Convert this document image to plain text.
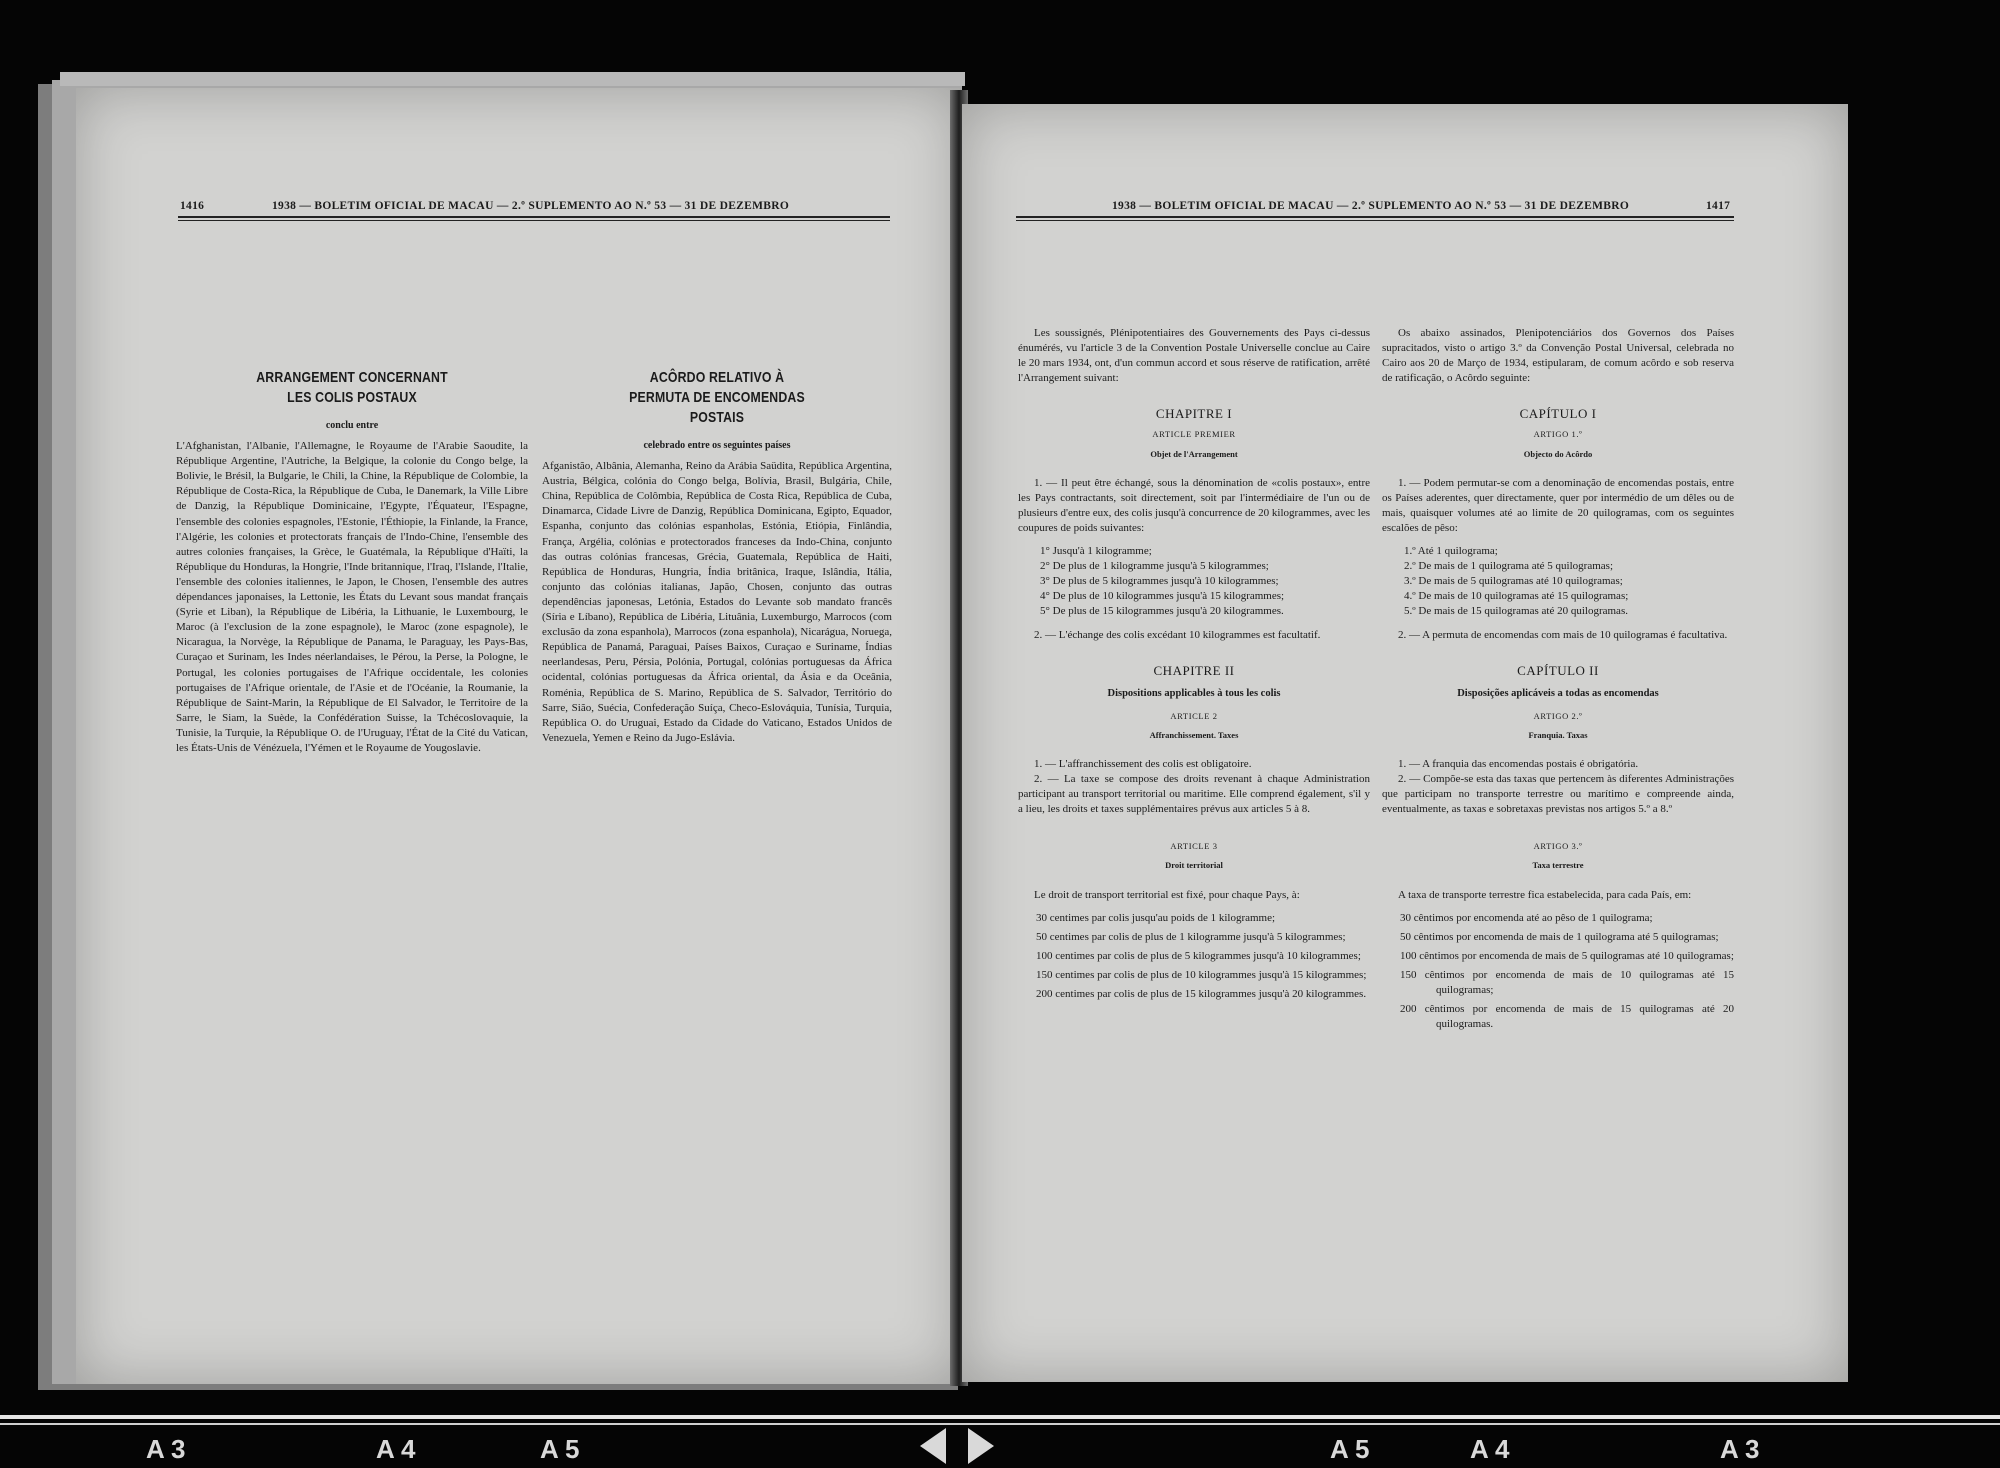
1416	1938 — BOLETIM OFICIAL DE MACAU — 2.º SUPLEMENTO AO N.º 53 — 31 DE DEZEMBRO
ARRANGEMENT CONCERNANT LES COLIS POSTAUX
conclu entre
L'Afghanistan, l'Albanie, l'Allemagne, le Royaume de l'Arabie Saoudite, la République Argentine, l'Autriche, la Belgique, la colonie du Congo belge, la Bolivie, le Brésil, la Bulgarie, le Chili, la Chine, la République de Colombie, la République de Costa-Rica, la République de Cuba, le Danemark, la Ville Libre de Danzig, la République Dominicaine, l'Egypte, l'Équateur, l'Espagne, l'ensemble des colonies espagnoles, l'Estonie, l'Éthiopie, la Finlande, la France, l'Algérie, les colonies et protectorats français de l'Indo-Chine, l'ensemble des autres colonies françaises, la Grèce, le Guatémala, la République d'Haïti, la République du Honduras, la Hongrie, l'Inde britannique, l'Iraq, l'Islande, l'Italie, l'ensemble des colonies italiennes, le Japon, le Chosen, l'ensemble des autres dépendances japonaises, la Lettonie, les États du Levant sous mandat français (Syrie et Liban), la République de Libéria, la Lithuanie, le Luxembourg, le Maroc (à l'exclusion de la zone espagnole), le Maroc (zone espagnole), le Nicaragua, la Norvège, la République de Panama, le Paraguay, les Pays-Bas, Curaçao et Surinam, les Indes néerlandaises, le Pérou, la Perse, la Pologne, le Portugal, les colonies portugaises de l'Afrique occidentale, les colonies portugaises de l'Afrique orientale, de l'Asie et de l'Océanie, la Roumanie, la République de Saint-Marin, la République de El Salvador, le Territoire de la Sarre, le Siam, la Suède, la Confédération Suisse, la Tchécoslovaquie, la Tunisie, la Turquie, la République O. de l'Uruguay, l'État de la Cité du Vatican, les États-Unis de Vénézuela, l'Yémen et le Royaume de Yougoslavie.
ACÔRDO RELATIVO À PERMUTA DE ENCOMENDAS POSTAIS
celebrado entre os seguintes países
Afganistão, Albânia, Alemanha, Reino da Arábia Saüdita, República Argentina, Austria, Bélgica, colónia do Congo belga, Bolívia, Brasil, Bulgária, Chile, China, República de Colômbia, República de Costa Rica, República de Cuba, Dinamarca, Cidade Livre de Danzig, República Dominicana, Egipto, Equador, Espanha, conjunto das colónias espanholas, Estónia, Etiópia, Finlândia, França, Argélia, colónias e protectorados franceses da Indo-China, conjunto das outras colónias francesas, Grécia, Guatemala, República de Haiti, República de Honduras, Hungria, Índia britânica, Iraque, Islândia, Itália, conjunto das colónias italianas, Japão, Chosen, conjunto das outras dependências japonesas, Letónia, Estados do Levante sob mandato francês (Síria e Líbano), República de Libéria, Lituânia, Luxemburgo, Marrocos (com exclusão da zona espanhola), Marrocos (zona espanhola), Nicarágua, Noruega, República de Panamá, Paraguai, Países Baixos, Curaçao e Suriname, Índias neerlandesas, Peru, Pérsia, Polónia, Portugal, colónias portuguesas da África ocidental, colónias portuguesas da África oriental, da Ásia e da Oceânia, Roménia, República de S. Marino, República de S. Salvador, Território do Sarre, Sião, Suécia, Confederação Suíça, Checo-Eslováquia, Tunísia, Turquia, República O. do Uruguai, Estado da Cidade do Vaticano, Estados Unidos de Venezuela, Yemen e Reino da Jugo-Eslávia.
1938 — BOLETIM OFICIAL DE MACAU — 2.º SUPLEMENTO AO N.º 53 — 31 DE DEZEMBRO	1417
Les soussignés, Plénipotentiaires des Gouvernements des Pays ci-dessus énumérés, vu l'article 3 de la Convention Postale Universelle conclue au Caire le 20 mars 1934, ont, d'un commun accord et sous réserve de ratification, arrêté l'Arrangement suivant:
CHAPITRE I
ARTICLE PREMIER
Objet de l'Arrangement
1. — Il peut être échangé, sous la dénomination de «colis postaux», entre les Pays contractants, soit directement, soit par l'intermédiaire de l'un ou de plusieurs d'entre eux, des colis jusqu'à concurrence de 20 kilogrammes, avec les coupures de poids suivantes:
1° Jusqu'à 1 kilogramme;
2° De plus de 1 kilogramme jusqu'à 5 kilogrammes;
3° De plus de 5 kilogrammes jusqu'à 10 kilogrammes;
4° De plus de 10 kilogrammes jusqu'à 15 kilogrammes;
5° De plus de 15 kilogrammes jusqu'à 20 kilogrammes.
2. — L'échange des colis excédant 10 kilogrammes est facultatif.
CHAPITRE II
Dispositions applicables à tous les colis
ARTICLE 2
Affranchissement. Taxes
1. — L'affranchissement des colis est obligatoire.
2. — La taxe se compose des droits revenant à chaque Administration participant au transport territorial ou maritime. Elle comprend également, s'il y a lieu, les droits et taxes supplémentaires prévus aux articles 5 à 8.
ARTICLE 3
Droit territorial
Le droit de transport territorial est fixé, pour chaque Pays, à:
30 centimes par colis jusqu'au poids de 1 kilogramme;
50 centimes par colis de plus de 1 kilogramme jusqu'à 5 kilogrammes;
100 centimes par colis de plus de 5 kilogrammes jusqu'à 10 kilogrammes;
150 centimes par colis de plus de 10 kilogrammes jusqu'à 15 kilogrammes;
200 centimes par colis de plus de 15 kilogrammes jusqu'à 20 kilogrammes.
Os abaixo assinados, Plenipotenciários dos Governos dos Países supracitados, visto o artigo 3.º da Convenção Postal Universal, celebrada no Cairo aos 20 de Março de 1934, estipularam, de comum acôrdo e sob reserva de ratificação, o Acôrdo seguinte:
CAPÍTULO I
ARTIGO 1.º
Objecto do Acôrdo
1. — Podem permutar-se com a denominação de encomendas postais, entre os Países aderentes, quer directamente, quer por intermédio de um dêles ou de mais, quaisquer volumes até ao limite de 20 quilogramas, com os seguintes escalões de pêso:
1.º Até 1 quilograma;
2.º De mais de 1 quilograma até 5 quilogramas;
3.º De mais de 5 quilogramas até 10 quilogramas;
4.º De mais de 10 quilogramas até 15 quilogramas;
5.º De mais de 15 quilogramas até 20 quilogramas.
2. — A permuta de encomendas com mais de 10 quilogramas é facultativa.
CAPÍTULO II
Disposições aplicáveis a todas as encomendas
ARTIGO 2.º
Franquia. Taxas
1. — A franquia das encomendas postais é obrigatória.
2. — Compõe-se esta das taxas que pertencem às diferentes Administrações que participam no transporte terrestre ou marítimo e compreende ainda, eventualmente, as taxas e sobretaxas previstas nos artigos 5.º a 8.º
ARTIGO 3.º
Taxa terrestre
A taxa de transporte terrestre fica estabelecida, para cada País, em:
30 cêntimos por encomenda até ao pêso de 1 quilograma;
50 cêntimos por encomenda de mais de 1 quilograma até 5 quilogramas;
100 cêntimos por encomenda de mais de 5 quilogramas até 10 quilogramas;
150 cêntimos por encomenda de mais de 10 quilogramas até 15 quilogramas;
200 cêntimos por encomenda de mais de 15 quilogramas até 20 quilogramas.
A 3	A 4	A 5	A 5	A 4	A 3
